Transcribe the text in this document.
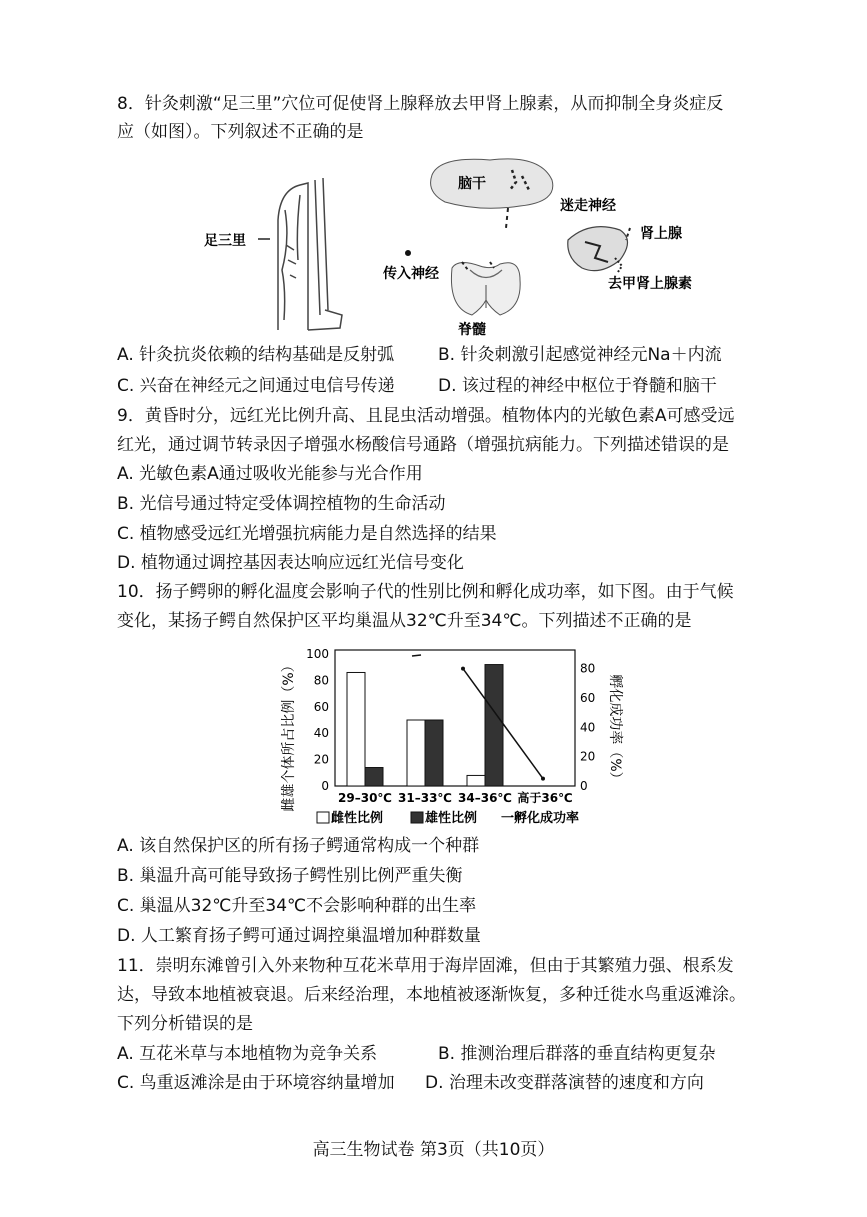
8．针灸刺激“足三里”穴位可促使肾上腺释放去甲肾上腺素，从而抑制全身炎症反
应（如图）。下列叙述不正确的是
足三里
脑干
迷走神经
肾上腺
去甲肾上腺素
传入神经
脊髓
A. 针灸抗炎依赖的结构基础是反射弧	B. 针灸刺激引起感觉神经元Na＋内流
C. 兴奋在神经元之间通过电信号传递	D. 该过程的神经中枢位于脊髓和脑干
9．黄昏时分，远红光比例升高、且昆虫活动增强。植物体内的光敏色素A可感受远
红光，通过调节转录因子增强水杨酸信号通路（增强抗病能力。下列描述错误的是
A. 光敏色素A通过吸收光能参与光合作用
B. 光信号通过特定受体调控植物的生命活动
C. 植物感受远红光增强抗病能力是自然选择的结果
D. 植物通过调控基因表达响应远红光信号变化
10．扬子鳄卵的孵化温度会影响子代的性别比例和孵化成功率，如下图。由于气候
变化，某扬子鳄自然保护区平均巢温从32℃升至34℃。下列描述不正确的是
雌雄个体所占比例（%）	孵化成功率（%）
0
20
40
60
80
100
0
20
40
60
80
29–30℃ 31–33℃ 34–36℃ 高于36℃
雌性比例	雄性比例 一孵化成功率
A. 该自然保护区的所有扬子鳄通常构成一个种群
B. 巢温升高可能导致扬子鳄性别比例严重失衡
C. 巢温从32℃升至34℃不会影响种群的出生率
D. 人工繁育扬子鳄可通过调控巢温增加种群数量
11．崇明东滩曾引入外来物种互花米草用于海岸固滩，但由于其繁殖力强、根系发
达，导致本地植被衰退。后来经治理，本地植被逐渐恢复，多种迁徙水鸟重返滩涂。
下列分析错误的是
A. 互花米草与本地植物为竞争关系	B. 推测治理后群落的垂直结构更复杂
C. 鸟重返滩涂是由于环境容纳量增加 D. 治理未改变群落演替的速度和方向
高三生物试卷 第3页（共10页）
